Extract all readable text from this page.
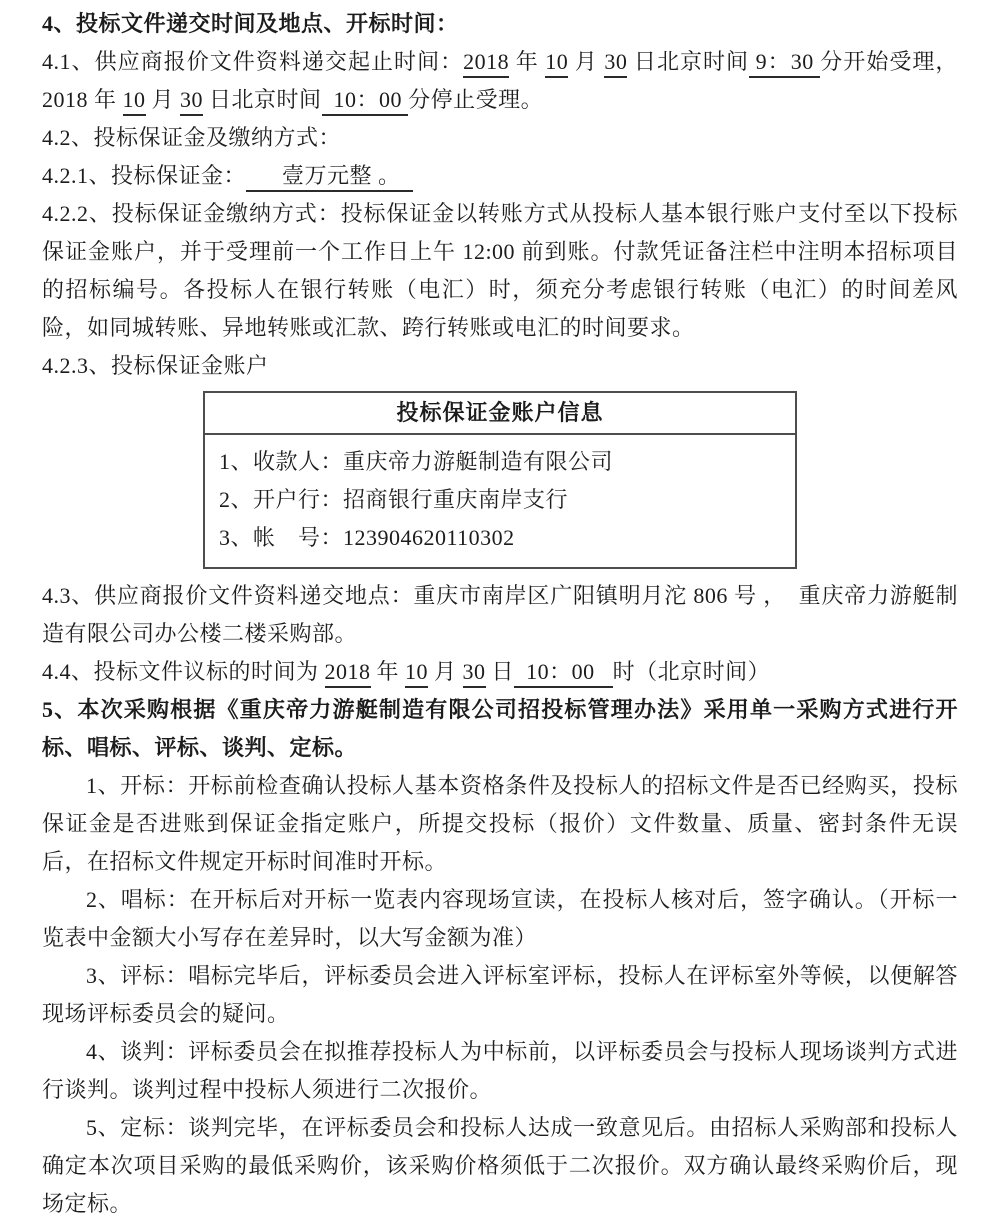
4、投标文件递交时间及地点、开标时间：

4.1、供应商报价文件资料递交起止时间：2018 年 10 月 30 日北京时间 9：30 分开始受理，2018 年 10 月 30 日北京时间  10：00 分停止受理。

4.2、投标保证金及缴纳方式：

4.2.1、投标保证金：      壹万元整 。

4.2.2、投标保证金缴纳方式：投标保证金以转账方式从投标人基本银行账户支付至以下投标保证金账户，并于受理前一个工作日上午 12:00 前到账。付款凭证备注栏中注明本招标项目的招标编号。各投标人在银行转账（电汇）时，须充分考虑银行转账（电汇）的时间差风险，如同城转账、异地转账或汇款、跨行转账或电汇的时间要求。

4.2.3、投标保证金账户

投标保证金账户信息

1、收款人：重庆帝力游艇制造有限公司

2、开户行：招商银行重庆南岸支行

3、帐　号：123904620110302

4.3、供应商报价文件资料递交地点：重庆市南岸区广阳镇明月沱 806 号 ，  重庆帝力游艇制造有限公司办公楼二楼采购部。

4.4、投标文件议标的时间为 2018 年 10 月 30 日  10：00   时（北京时间）

5、本次采购根据《重庆帝力游艇制造有限公司招投标管理办法》采用单一采购方式进行开标、唱标、评标、谈判、定标。

1、开标：开标前检查确认投标人基本资格条件及投标人的招标文件是否已经购买，投标保证金是否进账到保证金指定账户，所提交投标（报价）文件数量、质量、密封条件无误后，在招标文件规定开标时间准时开标。

2、唱标：在开标后对开标一览表内容现场宣读，在投标人核对后，签字确认。（开标一览表中金额大小写存在差异时，以大写金额为准）

3、评标：唱标完毕后，评标委员会进入评标室评标，投标人在评标室外等候，以便解答现场评标委员会的疑问。

4、谈判：评标委员会在拟推荐投标人为中标前，以评标委员会与投标人现场谈判方式进行谈判。谈判过程中投标人须进行二次报价。

5、定标：谈判完毕，在评标委员会和投标人达成一致意见后。由招标人采购部和投标人确定本次项目采购的最低采购价，该采购价格须低于二次报价。双方确认最终采购价后，现场定标。
